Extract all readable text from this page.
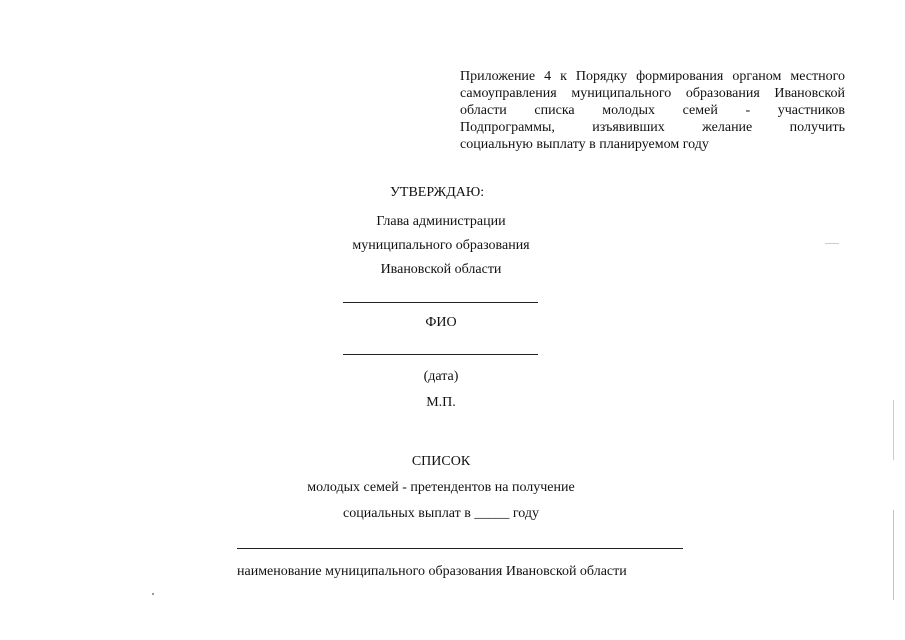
Приложение 4 к Порядку формирования органом местного
самоуправления муниципального образования Ивановской
области списка молодых семей - участников
Подпрограммы, изъявивших желание получить
социальную выплату в планируемом году
УТВЕРЖДАЮ:
Глава администрации
муниципального образования
Ивановской области
ФИО
(дата)
М.П.
СПИСОК
молодых семей - претендентов на получение
социальных выплат в _____ году
наименование муниципального образования Ивановской области
